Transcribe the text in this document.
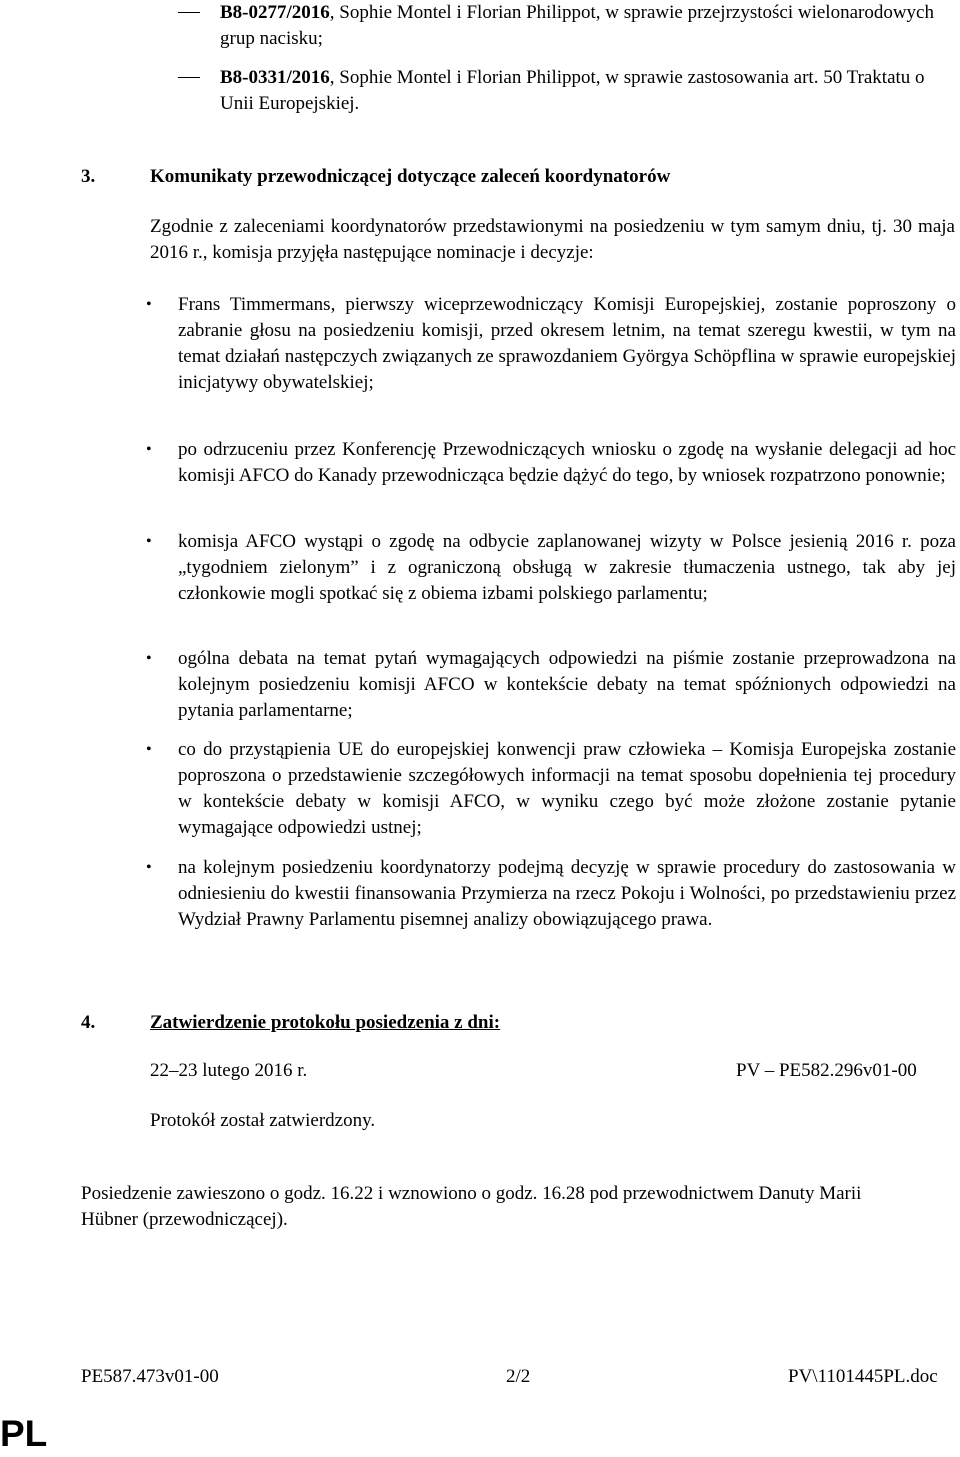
B8-0277/2016, Sophie Montel i Florian Philippot, w sprawie przejrzystości wielonarodowych grup nacisku;
B8-0331/2016, Sophie Montel i Florian Philippot, w sprawie zastosowania art. 50 Traktatu o Unii Europejskiej.
3.	Komunikaty przewodniczącej dotyczące zaleceń koordynatorów
Zgodnie z zaleceniami koordynatorów przedstawionymi na posiedzeniu w tym samym dniu, tj. 30 maja 2016 r., komisja przyjęła następujące nominacje i decyzje:
• Frans Timmermans, pierwszy wiceprzewodniczący Komisji Europejskiej, zostanie poproszony o zabranie głosu na posiedzeniu komisji, przed okresem letnim, na temat szeregu kwestii, w tym na temat działań następczych związanych ze sprawozdaniem Györgya Schöpflina w sprawie europejskiej inicjatywy obywatelskiej;
• po odrzuceniu przez Konferencję Przewodniczących wniosku o zgodę na wysłanie delegacji ad hoc komisji AFCO do Kanady przewodnicząca będzie dążyć do tego, by wniosek rozpatrzono ponownie;
• komisja AFCO wystąpi o zgodę na odbycie zaplanowanej wizyty w Polsce jesienią 2016 r. poza „tygodniem zielonym” i z ograniczoną obsługą w zakresie tłumaczenia ustnego, tak aby jej członkowie mogli spotkać się z obiema izbami polskiego parlamentu;
• ogólna debata na temat pytań wymagających odpowiedzi na piśmie zostanie przeprowadzona na kolejnym posiedzeniu komisji AFCO w kontekście debaty na temat spóźnionych odpowiedzi na pytania parlamentarne;
• co do przystąpienia UE do europejskiej konwencji praw człowieka – Komisja Europejska zostanie poproszona o przedstawienie szczegółowych informacji na temat sposobu dopełnienia tej procedury w kontekście debaty w komisji AFCO, w wyniku czego być może złożone zostanie pytanie wymagające odpowiedzi ustnej;
• na kolejnym posiedzeniu koordynatorzy podejmą decyzję w sprawie procedury do zastosowania w odniesieniu do kwestii finansowania Przymierza na rzecz Pokoju i Wolności, po przedstawieniu przez Wydział Prawny Parlamentu pisemnej analizy obowiązującego prawa.
4.	Zatwierdzenie protokołu posiedzenia z dni:
22–23 lutego 2016 r.	PV – PE582.296v01-00
Protokół został zatwierdzony.
Posiedzenie zawieszono o godz. 16.22 i wznowiono o godz. 16.28 pod przewodnictwem Danuty Marii Hübner (przewodniczącej).
PE587.473v01-00	2/2	PV\1101445PL.doc
PL
